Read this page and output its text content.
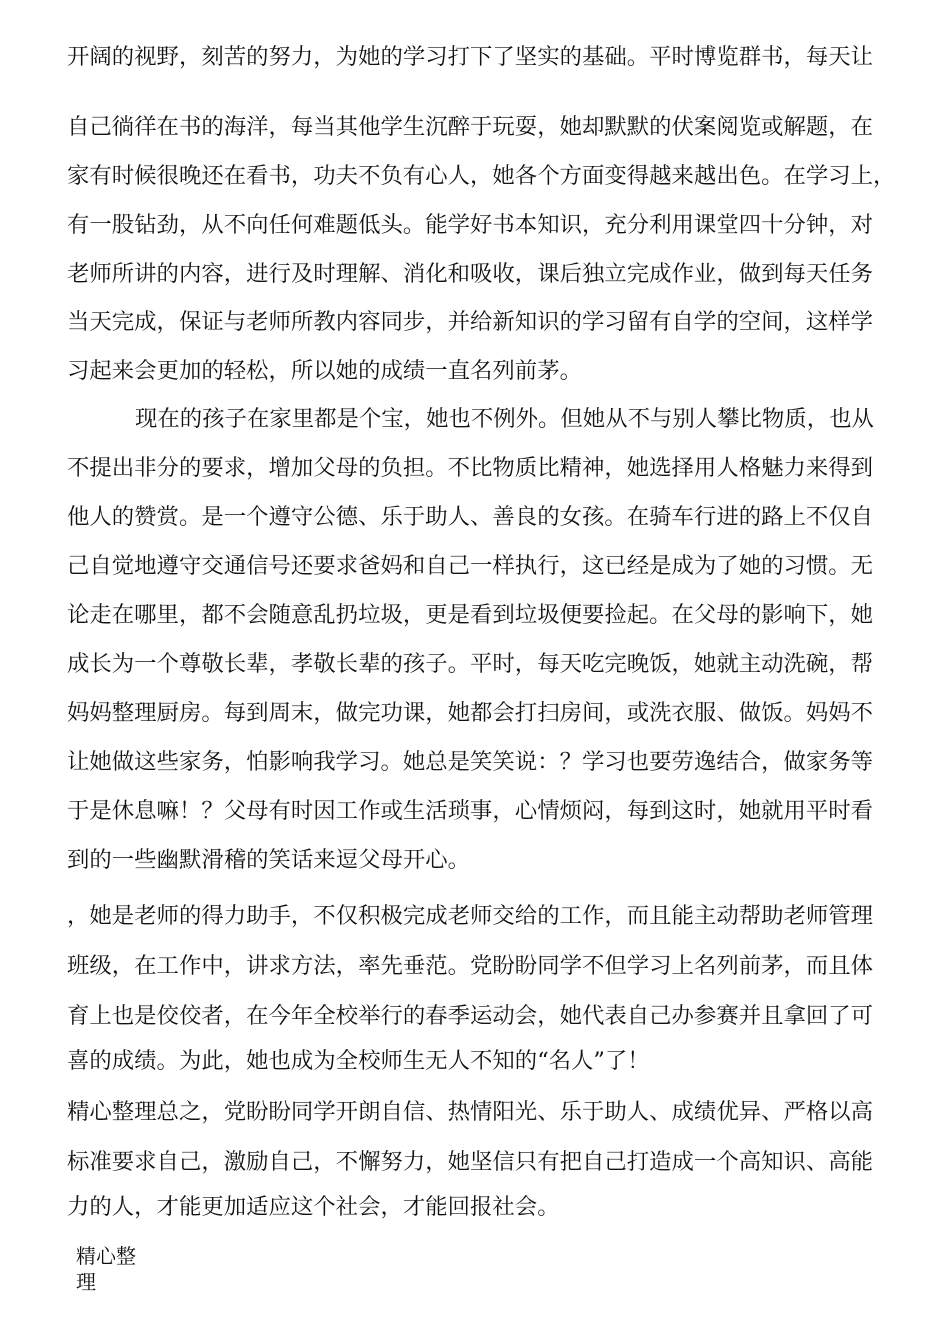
开阔的视野，刻苦的努力，为她的学习打下了坚实的基础。平时博览群书，每天让
自己徜徉在书的海洋，每当其他学生沉醉于玩耍，她却默默的伏案阅览或解题，在
家有时候很晚还在看书，功夫不负有心人，她各个方面变得越来越出色。在学习上，
有一股钻劲，从不向任何难题低头。能学好书本知识，充分利用课堂四十分钟，对
老师所讲的内容，进行及时理解、消化和吸收，课后独立完成作业，做到每天任务
当天完成，保证与老师所教内容同步，并给新知识的学习留有自学的空间，这样学
习起来会更加的轻松，所以她的成绩一直名列前茅。
现在的孩子在家里都是个宝，她也不例外。但她从不与别人攀比物质，也从
不提出非分的要求，增加父母的负担。不比物质比精神，她选择用人格魅力来得到
他人的赞赏。是一个遵守公德、乐于助人、善良的女孩。在骑车行进的路上不仅自
己自觉地遵守交通信号还要求爸妈和自己一样执行，这已经是成为了她的习惯。无
论走在哪里，都不会随意乱扔垃圾，更是看到垃圾便要捡起。在父母的影响下，她
成长为一个尊敬长辈，孝敬长辈的孩子。平时，每天吃完晚饭，她就主动洗碗，帮
妈妈整理厨房。每到周末，做完功课，她都会打扫房间，或洗衣服、做饭。妈妈不
让她做这些家务，怕影响我学习。她总是笑笑说：？学习也要劳逸结合，做家务等
于是休息嘛！？父母有时因工作或生活琐事，心情烦闷，每到这时，她就用平时看
到的一些幽默滑稽的笑话来逗父母开心。
，她是老师的得力助手，不仅积极完成老师交给的工作，而且能主动帮助老师管理
班级，在工作中，讲求方法，率先垂范。党盼盼同学不但学习上名列前茅，而且体
育上也是佼佼者，在今年全校举行的春季运动会，她代表自己办参赛并且拿回了可
喜的成绩。为此，她也成为全校师生无人不知的“名人”了！
精心整理总之，党盼盼同学开朗自信、热情阳光、乐于助人、成绩优异、严格以高
标准要求自己，激励自己，不懈努力，她坚信只有把自己打造成一个高知识、高能
力的人，才能更加适应这个社会，才能回报社会。
精心整
理
